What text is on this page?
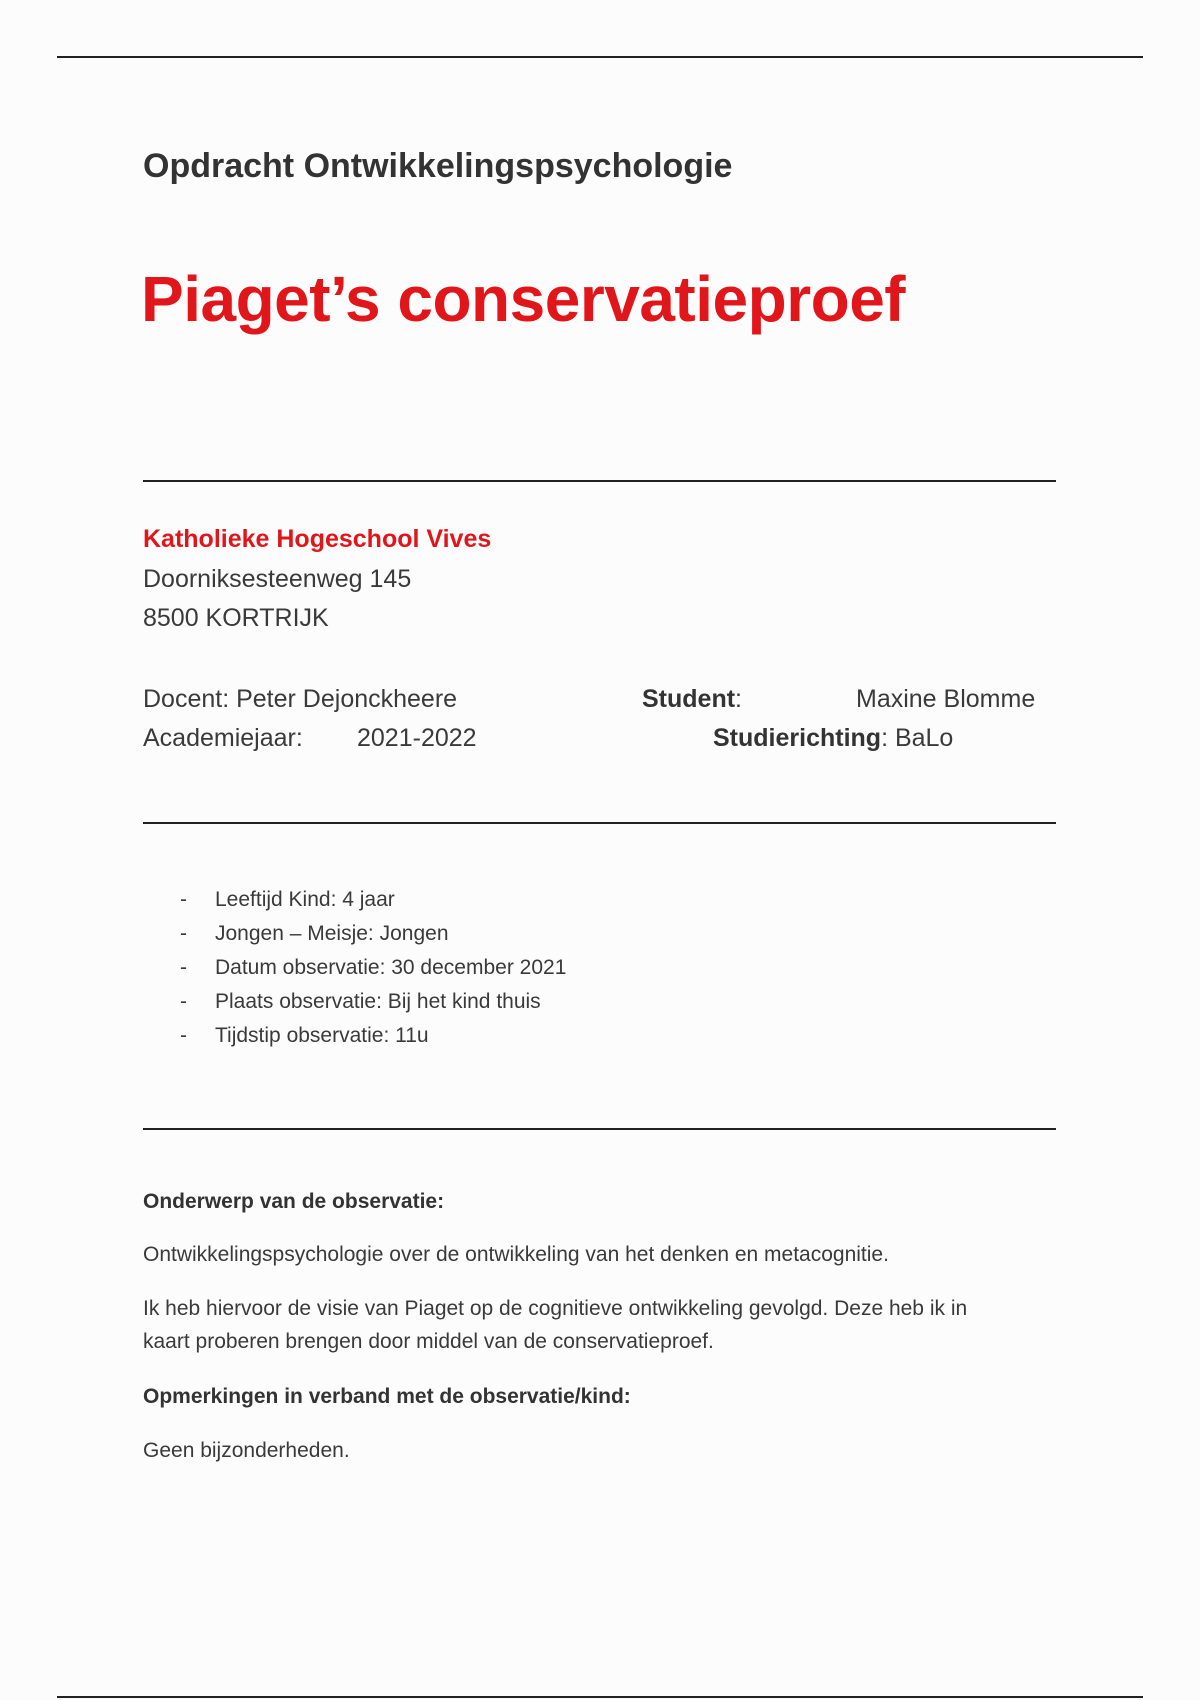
Opdracht Ontwikkelingspsychologie
Piaget’s conservatieproef
Katholieke Hogeschool Vives
Doorniksesteenweg 145
8500 KORTRIJK
Docent: Peter Dejonckheere	Student:	Maxine Blomme
Academiejaar: 2021-2022	Studierichting: BaLo
- Leeftijd Kind: 4 jaar
- Jongen – Meisje: Jongen
- Datum observatie: 30 december 2021
- Plaats observatie: Bij het kind thuis
- Tijdstip observatie: 11u
Onderwerp van de observatie:
Ontwikkelingspsychologie over de ontwikkeling van het denken en metacognitie.
Ik heb hiervoor de visie van Piaget op de cognitieve ontwikkeling gevolgd. Deze heb ik in
kaart proberen brengen door middel van de conservatieproef.
Opmerkingen in verband met de observatie/kind:
Geen bijzonderheden.
